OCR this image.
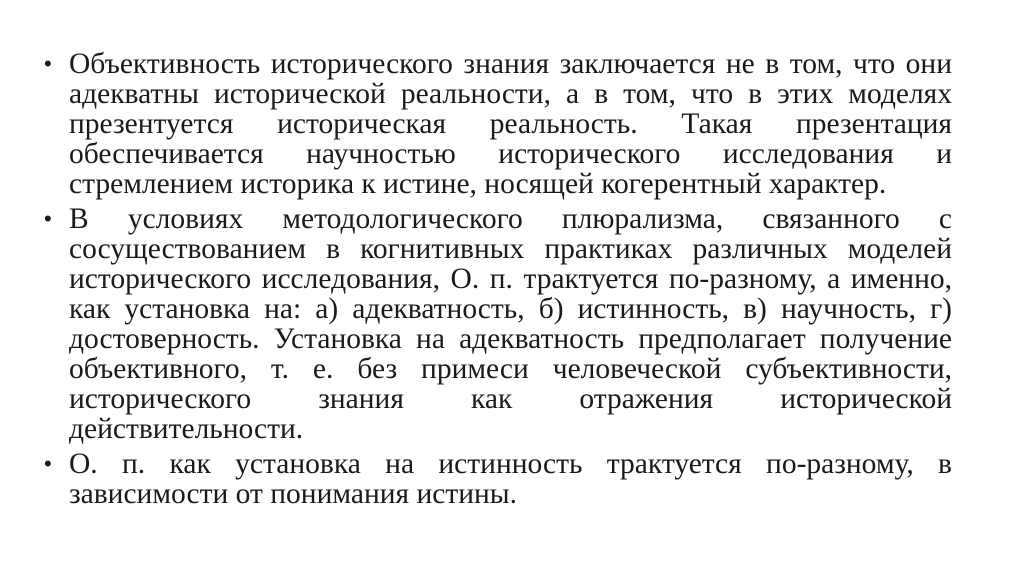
• Объективность исторического знания заключается не в том, что они адекватны исторической реальности, а в том, что в этих моделях презентуется историческая реальность. Такая презентация обеспечивается научностью исторического исследования и стремлением историка к истине, носящей когерентный характер.
• В условиях методологического плюрализма, связанного с сосуществованием в когнитивных практиках различных моделей исторического исследования, О. п. трактуется по-разному, а именно, как установка на: а) адекватность, б) истинность, в) научность, г) достоверность. Установка на адекватность предполагает получение объективного, т. е. без примеси человеческой субъективности, исторического знания как отражения исторической действительности.
• О. п. как установка на истинность трактуется по-разному, в зависимости от понимания истины.
